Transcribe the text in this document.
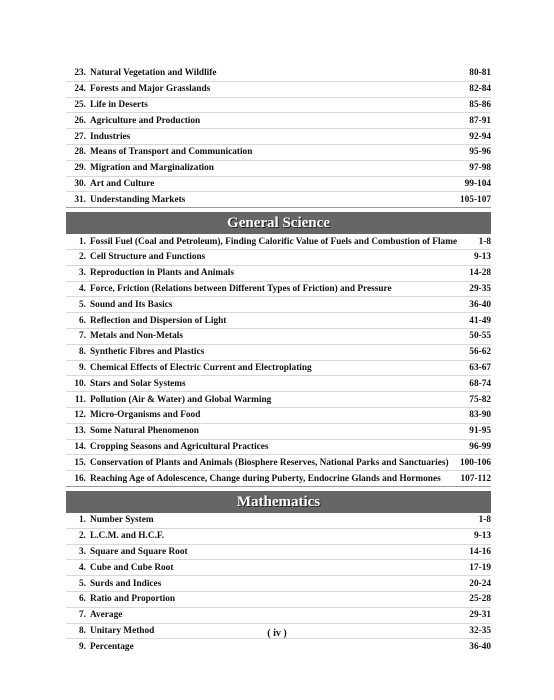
23. Natural Vegetation and Wildlife	80-81
24. Forests and Major Grasslands	82-84
25. Life in Deserts	85-86
26. Agriculture and Production	87-91
27. Industries	92-94
28. Means of Transport and Communication	95-96
29. Migration and Marginalization	97-98
30. Art and Culture	99-104
31. Understanding Markets	105-107
General Science
1. Fossil Fuel (Coal and Petroleum), Finding Calorific Value of Fuels and Combustion of Flame	1-8
2. Cell Structure and Functions	9-13
3. Reproduction in Plants and Animals	14-28
4. Force, Friction (Relations between Different Types of Friction) and Pressure	29-35
5. Sound and Its Basics	36-40
6. Reflection and Dispersion of Light	41-49
7. Metals and Non-Metals	50-55
8. Synthetic Fibres and Plastics	56-62
9. Chemical Effects of Electric Current and Electroplating	63-67
10. Stars and Solar Systems	68-74
11. Pollution (Air & Water) and Global Warming	75-82
12. Micro-Organisms and Food	83-90
13. Some Natural Phenomenon	91-95
14. Cropping Seasons and Agricultural Practices	96-99
15. Conservation of Plants and Animals (Biosphere Reserves, National Parks and Sanctuaries)	100-106
16. Reaching Age of Adolescence, Change during Puberty, Endocrine Glands and Hormones	107-112
Mathematics
1. Number System	1-8
2. L.C.M. and H.C.F.	9-13
3. Square and Square Root	14-16
4. Cube and Cube Root	17-19
5. Surds and Indices	20-24
6. Ratio and Proportion	25-28
7. Average	29-31
8. Unitary Method	32-35
9. Percentage	36-40
( iv )
